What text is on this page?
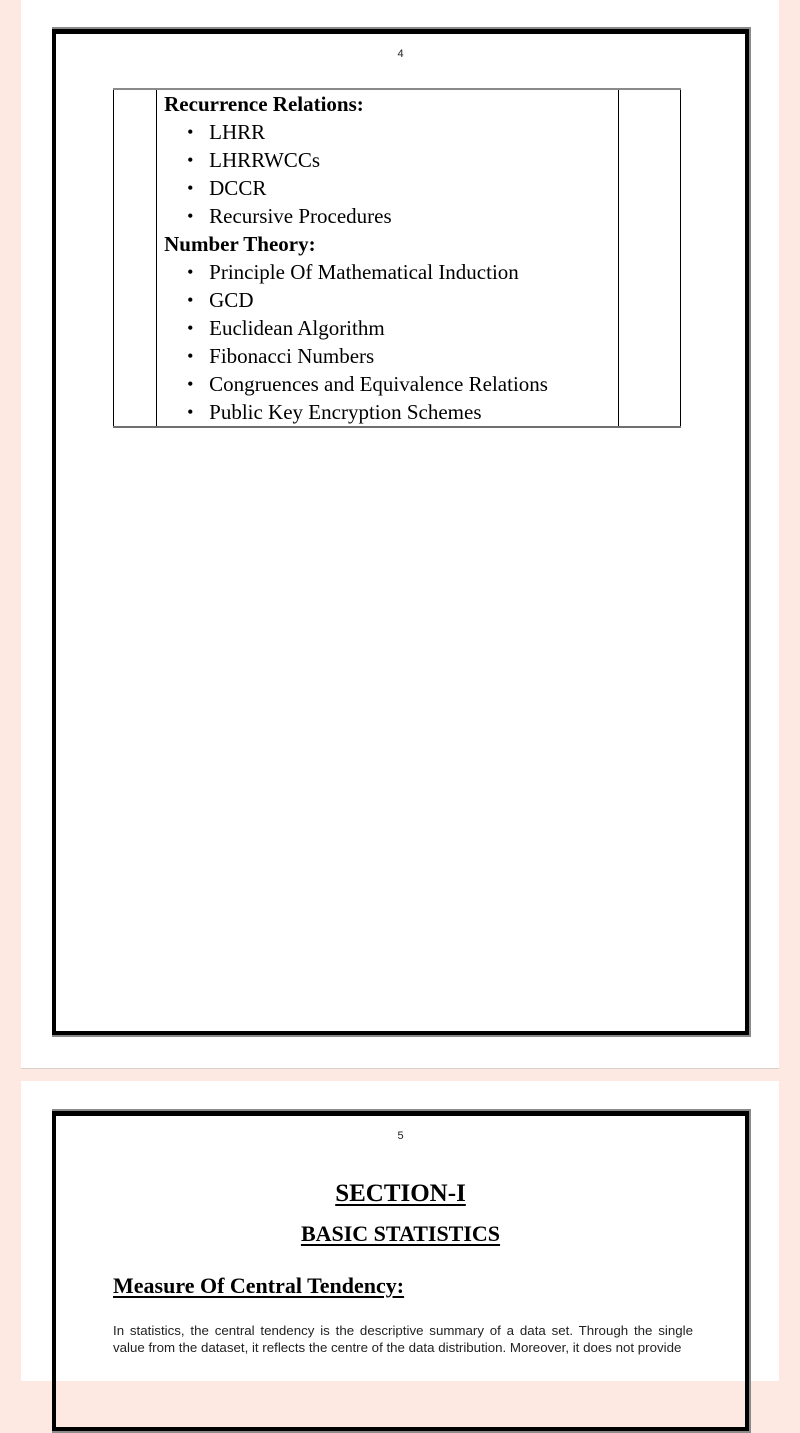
4

Recurrence Relations:

• LHRR
• LHRRWCCs
• DCCR
• Recursive Procedures

Number Theory:

• Principle Of Mathematical Induction
• GCD
• Euclidean Algorithm
• Fibonacci Numbers
• Congruences and Equivalence Relations
• Public Key Encryption Schemes

5
SECTION-I
BASIC STATISTICS
Measure Of Central Tendency:

In statistics, the central tendency is the descriptive summary of a data set. Through the single value from the dataset, it reflects the centre of the data distribution. Moreover, it does not provide
